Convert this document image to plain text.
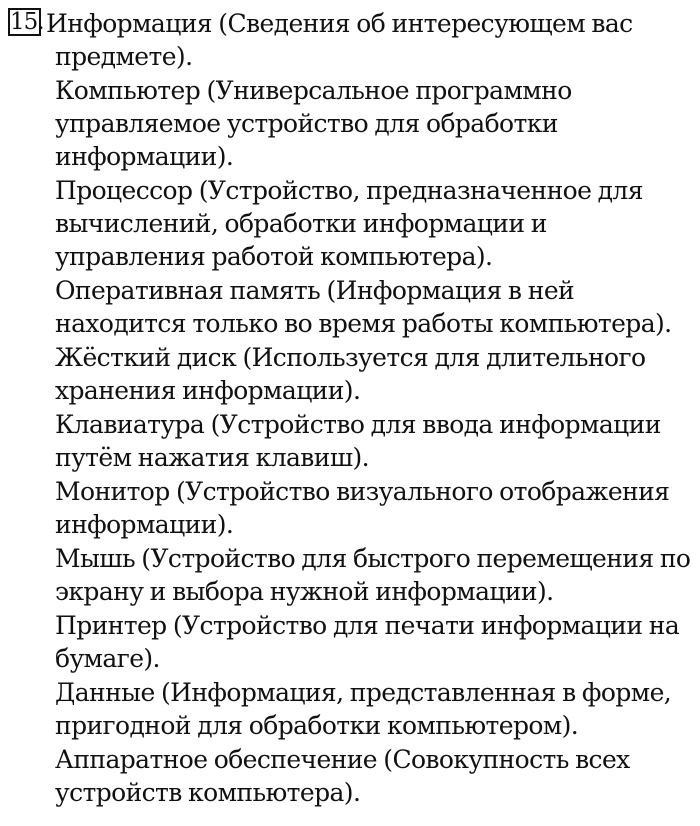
15. Информация (Сведения об интересующем вас предмете).
Компьютер (Универсальное программно управляемое устройство для обработки информации).
Процессор (Устройство, предназначенное для вычислений, обработки информации и управления работой компьютера).
Оперативная память (Информация в ней находится только во время работы компьютера).
Жёсткий диск (Используется для длительного хранения информации).
Клавиатура (Устройство для ввода информации путём нажатия клавиш).
Монитор (Устройство визуального отображения информации).
Мышь (Устройство для быстрого перемещения по экрану и выбора нужной информации).
Принтер (Устройство для печати информации на бумаге).
Данные (Информация, представленная в форме, пригодной для обработки компьютером).
Аппаратное обеспечение (Совокупность всех устройств компьютера).
